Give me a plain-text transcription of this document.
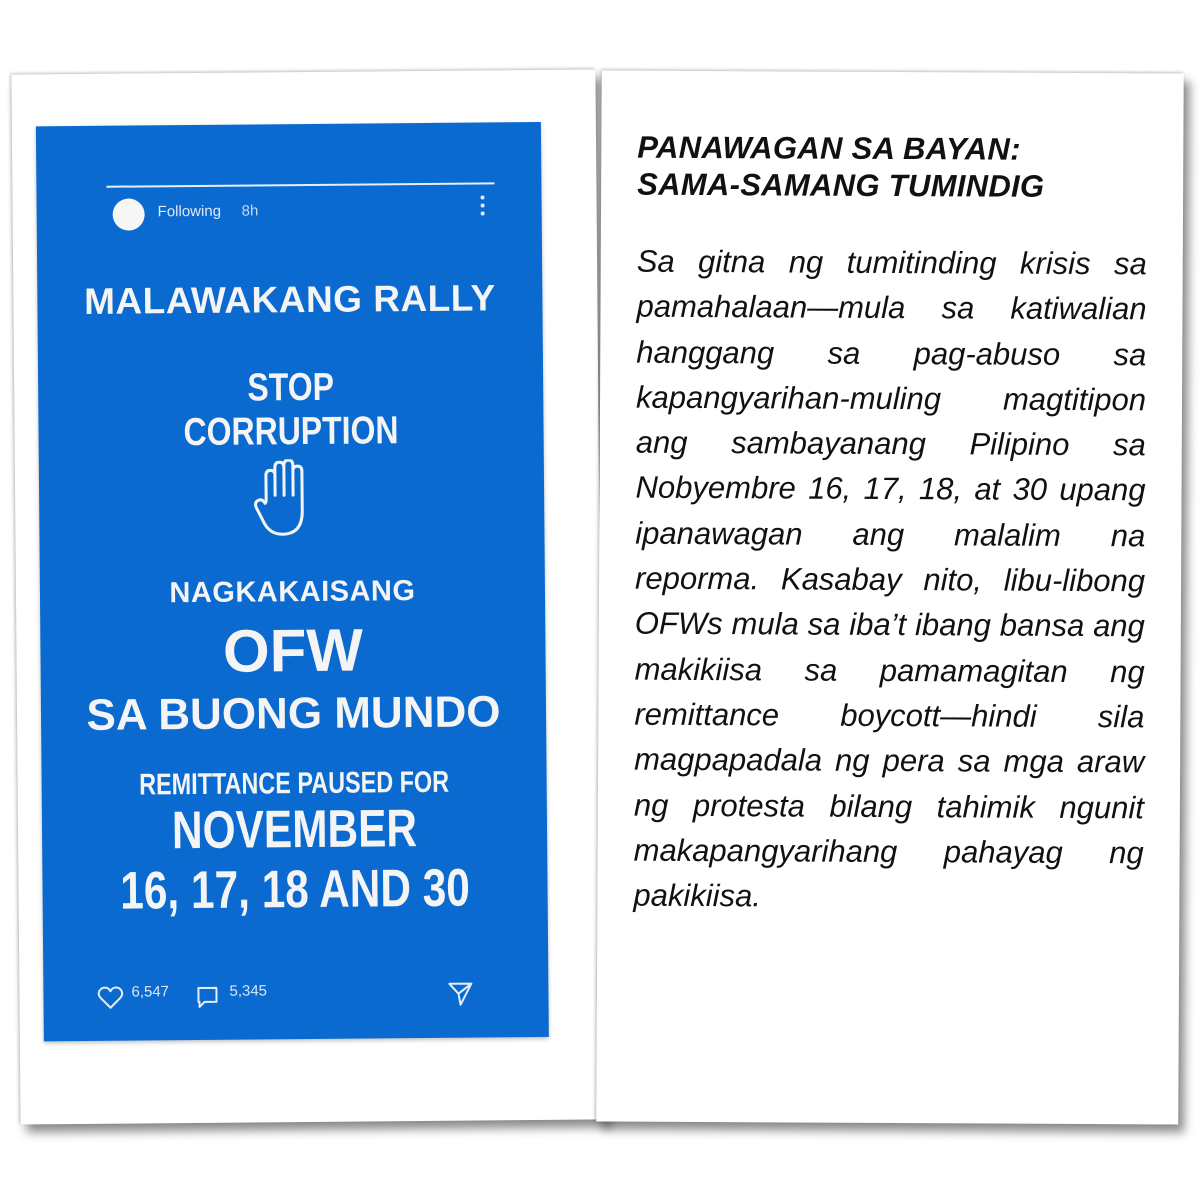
Following 8h
MALAWAKANG RALLY
STOP
CORRUPTION
NAGKAKAISANG
OFW
SA BUONG MUNDO
REMITTANCE PAUSED FOR
NOVEMBER
16, 17, 18 AND 30
6,547	5,345
PANAWAGAN SA BAYAN:
SAMA-SAMANG TUMINDIG

Sa gitna ng tumitinding krisis sa pamahalaan—mula sa katiwalian hanggang sa pag-abuso sa kapangyarihan-muling magtitipon ang sambayanang Pilipino sa Nobyembre 16, 17, 18, at 30 upang ipanawagan ang malalim na reporma. Kasabay nito, libu-libong OFWs mula sa iba’t ibang bansa ang makikiisa sa pamamagitan ng remittance boycott—hindi sila magpapadala ng pera sa mga araw ng protesta bilang tahimik ngunit makapangyarihang pahayag ng pakikiisa.
